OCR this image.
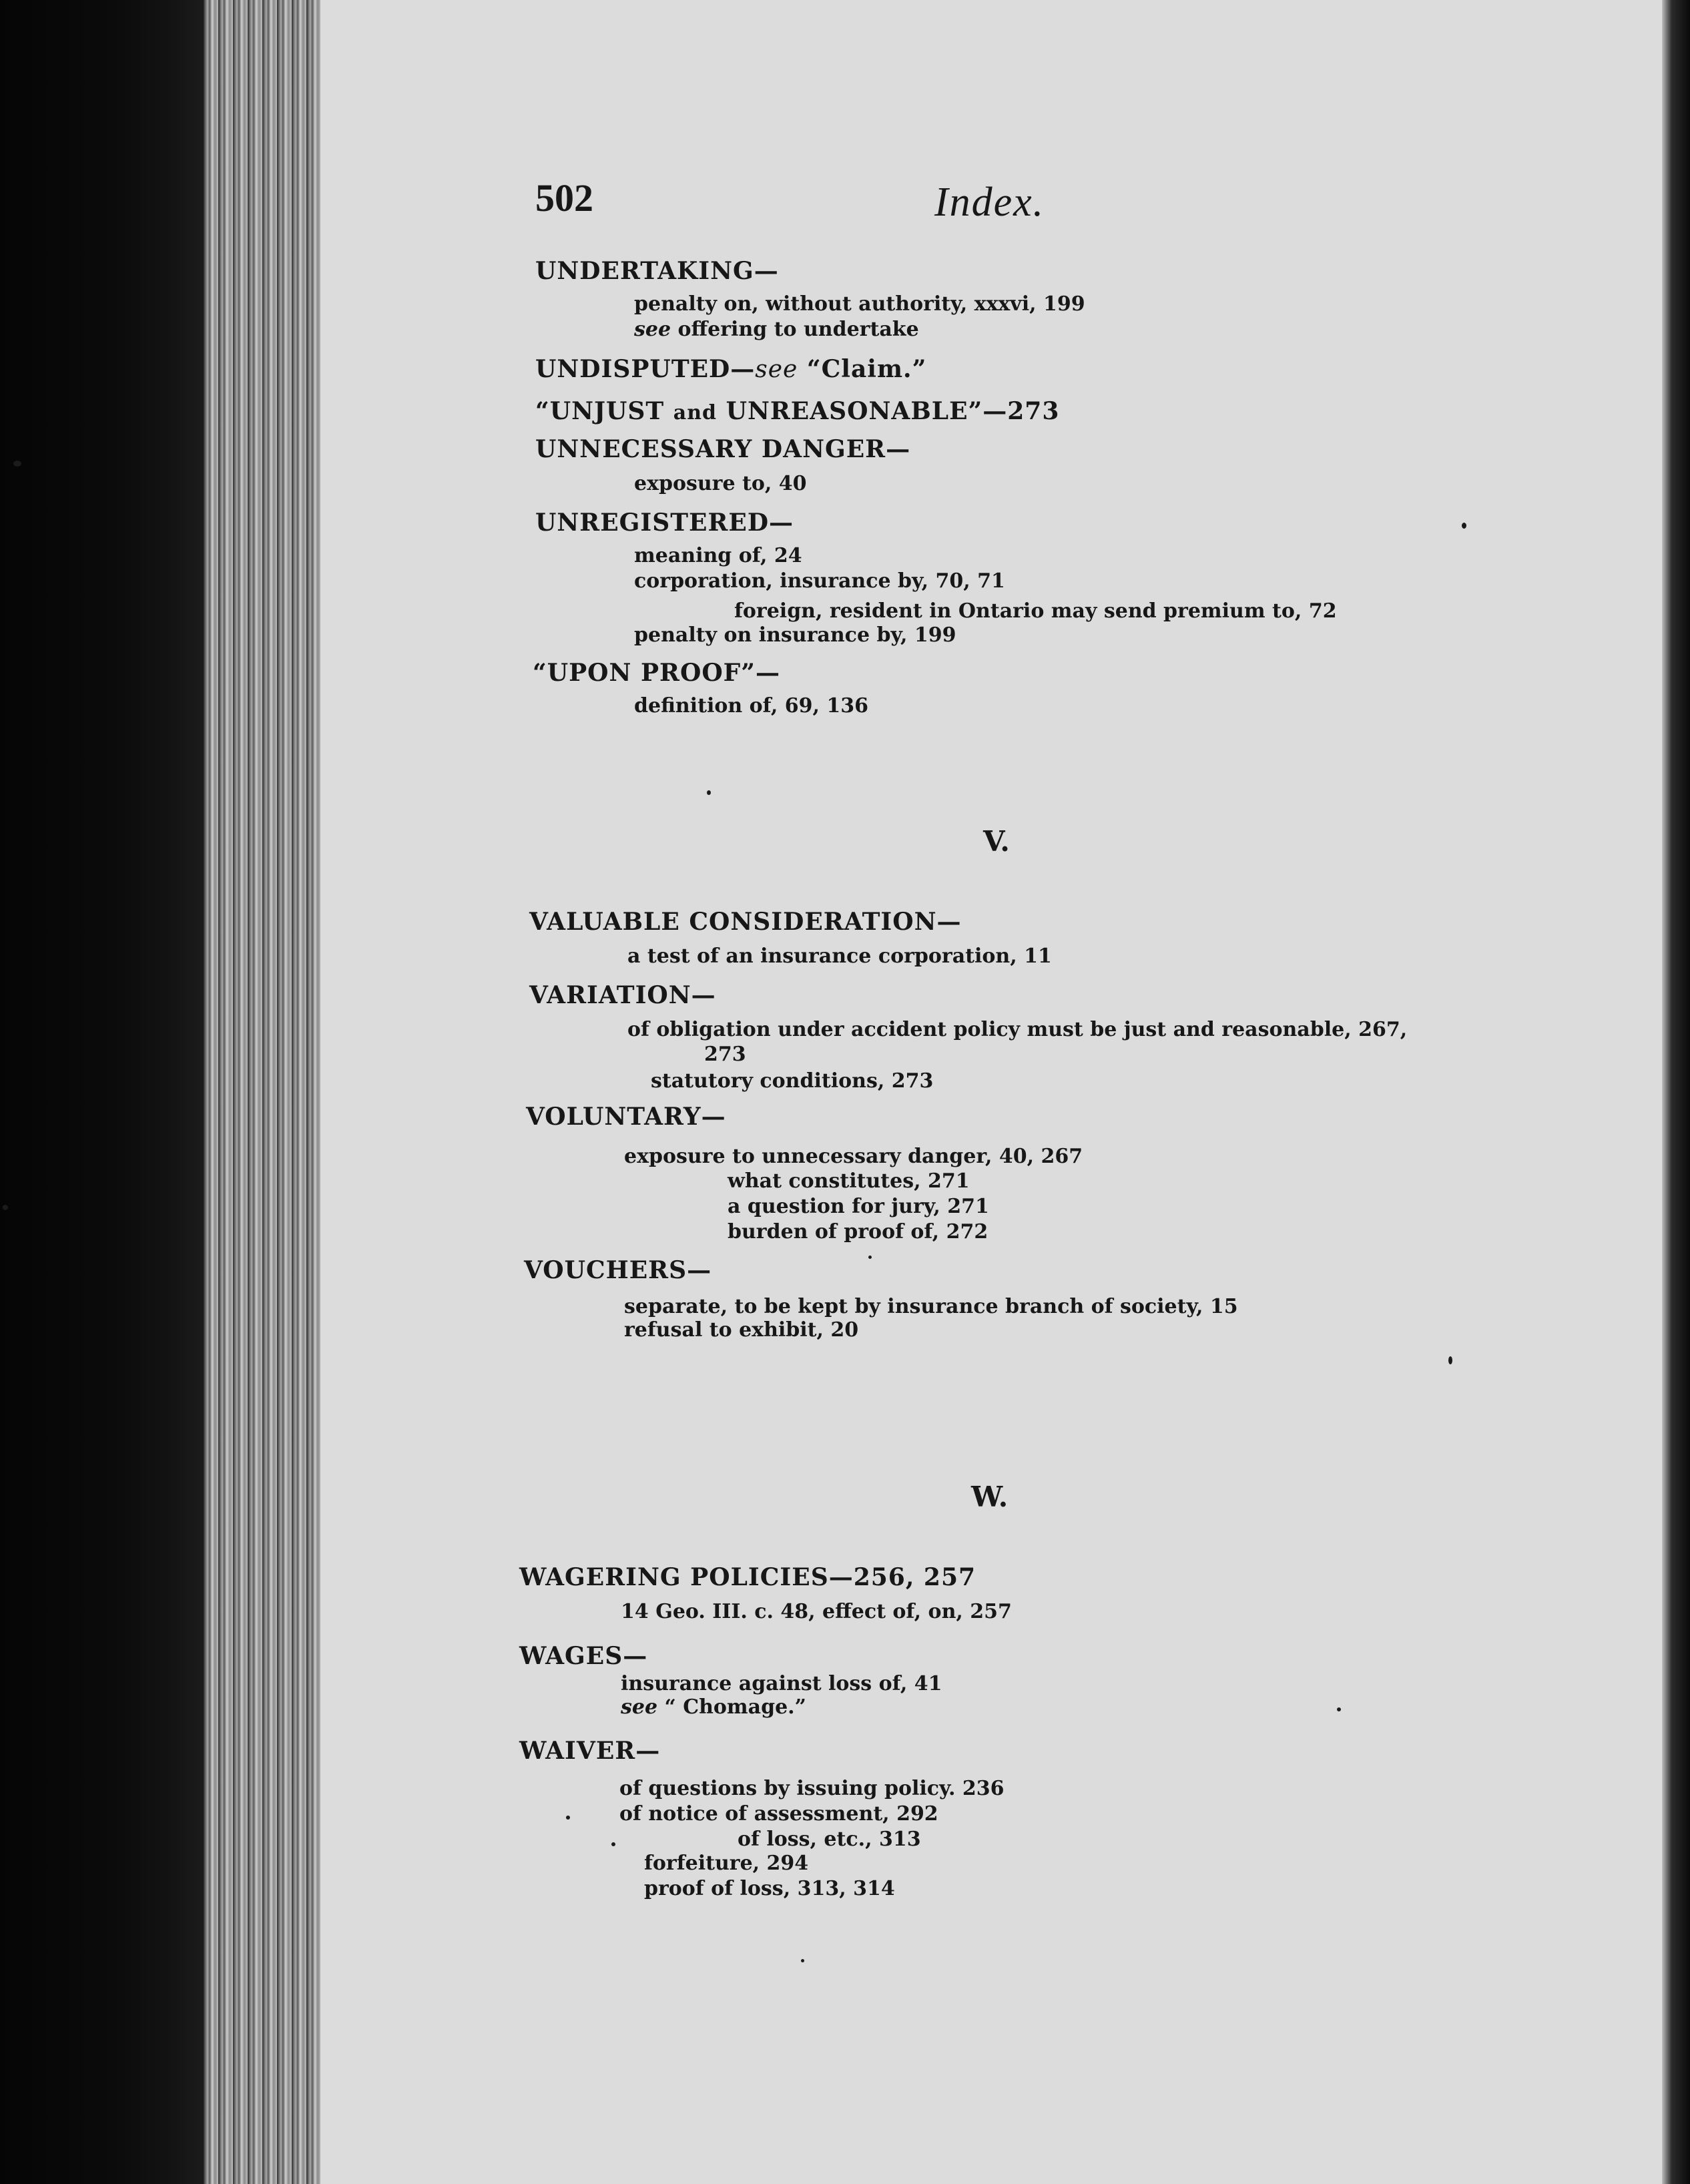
502	Index.
UNDERTAKING—
penalty on, without authority, xxxvi, 199
see offering to undertake
UNDISPUTED—see “Claim.”
“UNJUST and UNREASONABLE”—273
UNNECESSARY DANGER—
exposure to, 40
UNREGISTERED—
meaning of, 24
corporation, insurance by, 70, 71
foreign, resident in Ontario may send premium to, 72
penalty on insurance by, 199
“UPON PROOF”—
definition of, 69, 136
V.
VALUABLE CONSIDERATION—
a test of an insurance corporation, 11
VARIATION—
of obligation under accident policy must be just and reasonable, 267,
273
statutory conditions, 273
VOLUNTARY—
exposure to unnecessary danger, 40, 267
what constitutes, 271
a question for jury, 271
burden of proof of, 272
VOUCHERS—
separate, to be kept by insurance branch of society, 15
refusal to exhibit, 20
W.
WAGERING POLICIES—256, 257
14 Geo. III. c. 48, effect of, on, 257
WAGES—
insurance against loss of, 41
see “ Chomage.”
WAIVER—
of questions by issuing policy. 236
of notice of assessment, 292
of loss, etc., 313
forfeiture, 294
proof of loss, 313, 314
